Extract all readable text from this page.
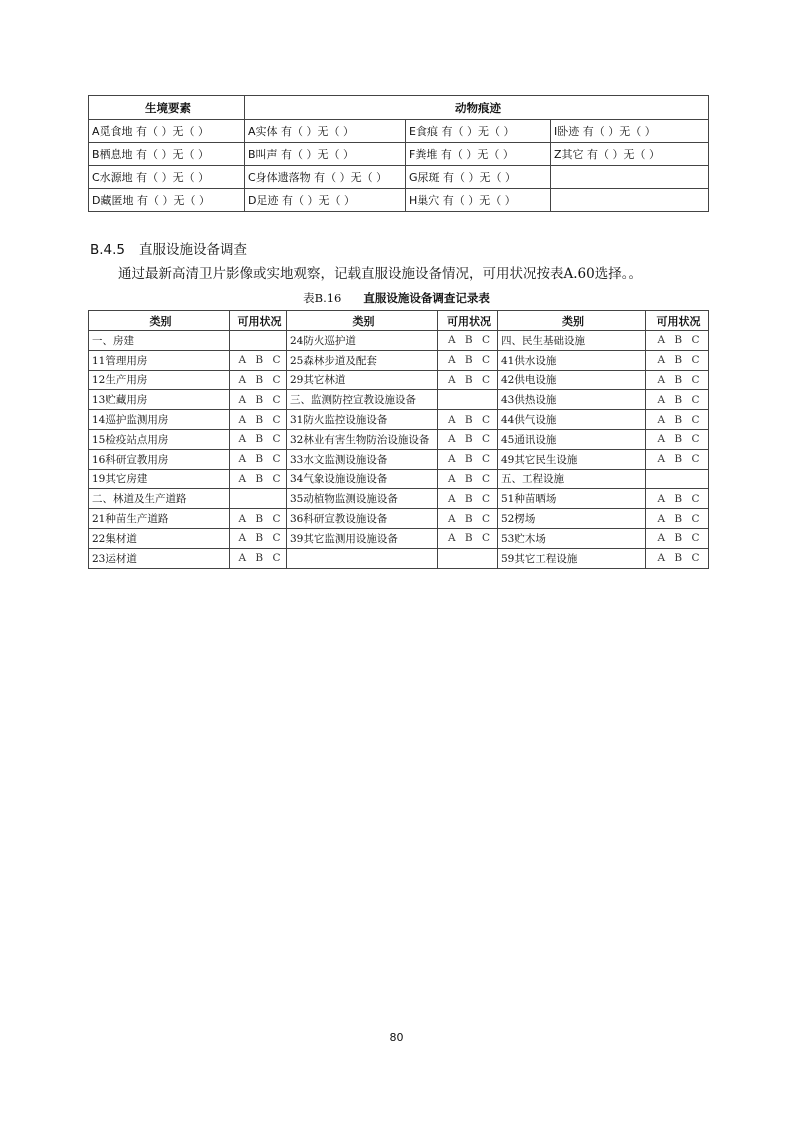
生境要素	动物痕迹		
A觅食地 有（ ）无（ ）	A实体 有（ ）无（ ）	E食痕 有（ ）无（ ）	I卧迹 有（ ）无（ ）
B栖息地 有（ ）无（ ）	B叫声 有（ ）无（ ）	F粪堆 有（ ）无（ ）	Z其它 有（ ）无（ ）
C水源地 有（ ）无（ ）	C身体遗落物 有（ ）无（ ）	G尿斑 有（ ）无（ ）	
D藏匿地 有（ ）无（ ）	D足迹 有（ ）无（ ）	H巢穴 有（ ）无（ ）	
B.4.5 直服设施设备调查
通过最新高清卫片影像或实地观察，记载直服设施设备情况，可用状况按表A.60选择。。
表B.16 直服设施设备调查记录表
类别	可用状况	类别	可用状况	类别	可用状况
一、房建		24防火巡护道	A B C	四、民生基础设施	A B C
11管理用房	A B C	25森林步道及配套	A B C	41供水设施	A B C
12生产用房	A B C	29其它林道	A B C	42供电设施	A B C
13贮藏用房	A B C	三、监测防控宣教设施设备		43供热设施	A B C
14巡护监测用房	A B C	31防火监控设施设备	A B C	44供气设施	A B C
15检疫站点用房	A B C	32林业有害生物防治设施设备	A B C	45通讯设施	A B C
16科研宣教用房	A B C	33水文监测设施设备	A B C	49其它民生设施	A B C
19其它房建	A B C	34气象设施设施设备	A B C	五、工程设施	
二、林道及生产道路		35动植物监测设施设备	A B C	51种苗晒场	A B C
21种苗生产道路	A B C	36科研宣教设施设备	A B C	52楞场	A B C
22集材道	A B C	39其它监测用设施设备	A B C	53贮木场	A B C
23运材道	A B C			59其它工程设施	A B C
80
